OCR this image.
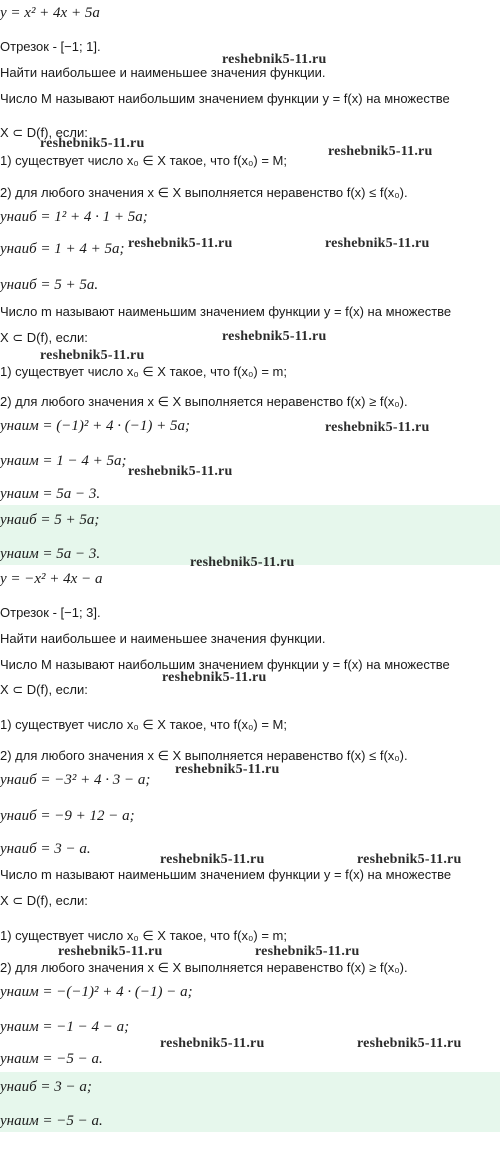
y = x² + 4x + 5a
Отрезок - [−1; 1].
Найти наибольшее и наименьшее значения функции.
Число M называют наибольшим значением функции y = f(x) на множестве
X ⊂ D(f), если:
1) существует число x₀ ∈ X такое, что f(x₀) = M;
2) для любого значения x ∈ X выполняется неравенство f(x) ≤ f(x₀).
yнаиб = 1² + 4 · 1 + 5a;
yнаиб = 1 + 4 + 5a;
yнаиб = 5 + 5a.
Число m называют наименьшим значением функции y = f(x) на множестве
X ⊂ D(f), если:
1) существует число x₀ ∈ X такое, что f(x₀) = m;
2) для любого значения x ∈ X выполняется неравенство f(x) ≥ f(x₀).
yнаим = (−1)² + 4 · (−1) + 5a;
yнаим = 1 − 4 + 5a;
yнаим = 5a − 3.
yнаиб = 5 + 5a;
yнаим = 5a − 3.
y = −x² + 4x − a
Отрезок - [−1; 3].
Найти наибольшее и наименьшее значения функции.
Число M называют наибольшим значением функции y = f(x) на множестве
X ⊂ D(f), если:
1) существует число x₀ ∈ X такое, что f(x₀) = M;
2) для любого значения x ∈ X выполняется неравенство f(x) ≤ f(x₀).
yнаиб = −3² + 4 · 3 − a;
yнаиб = −9 + 12 − a;
yнаиб = 3 − a.
Число m называют наименьшим значением функции y = f(x) на множестве
X ⊂ D(f), если:
1) существует число x₀ ∈ X такое, что f(x₀) = m;
2) для любого значения x ∈ X выполняется неравенство f(x) ≥ f(x₀).
yнаим = −(−1)² + 4 · (−1) − a;
yнаим = −1 − 4 − a;
yнаим = −5 − a.
yнаиб = 3 − a;
yнаим = −5 − a.
reshebnik5-11.ru
reshebnik5-11.ru
reshebnik5-11.ru
reshebnik5-11.ru	reshebnik5-11.ru
reshebnik5-11.ru
reshebnik5-11.ru
reshebnik5-11.ru
reshebnik5-11.ru
reshebnik5-11.ru
reshebnik5-11.ru
reshebnik5-11.ru
reshebnik5-11.ru	reshebnik5-11.ru
reshebnik5-11.ru	reshebnik5-11.ru
reshebnik5-11.ru	reshebnik5-11.ru
